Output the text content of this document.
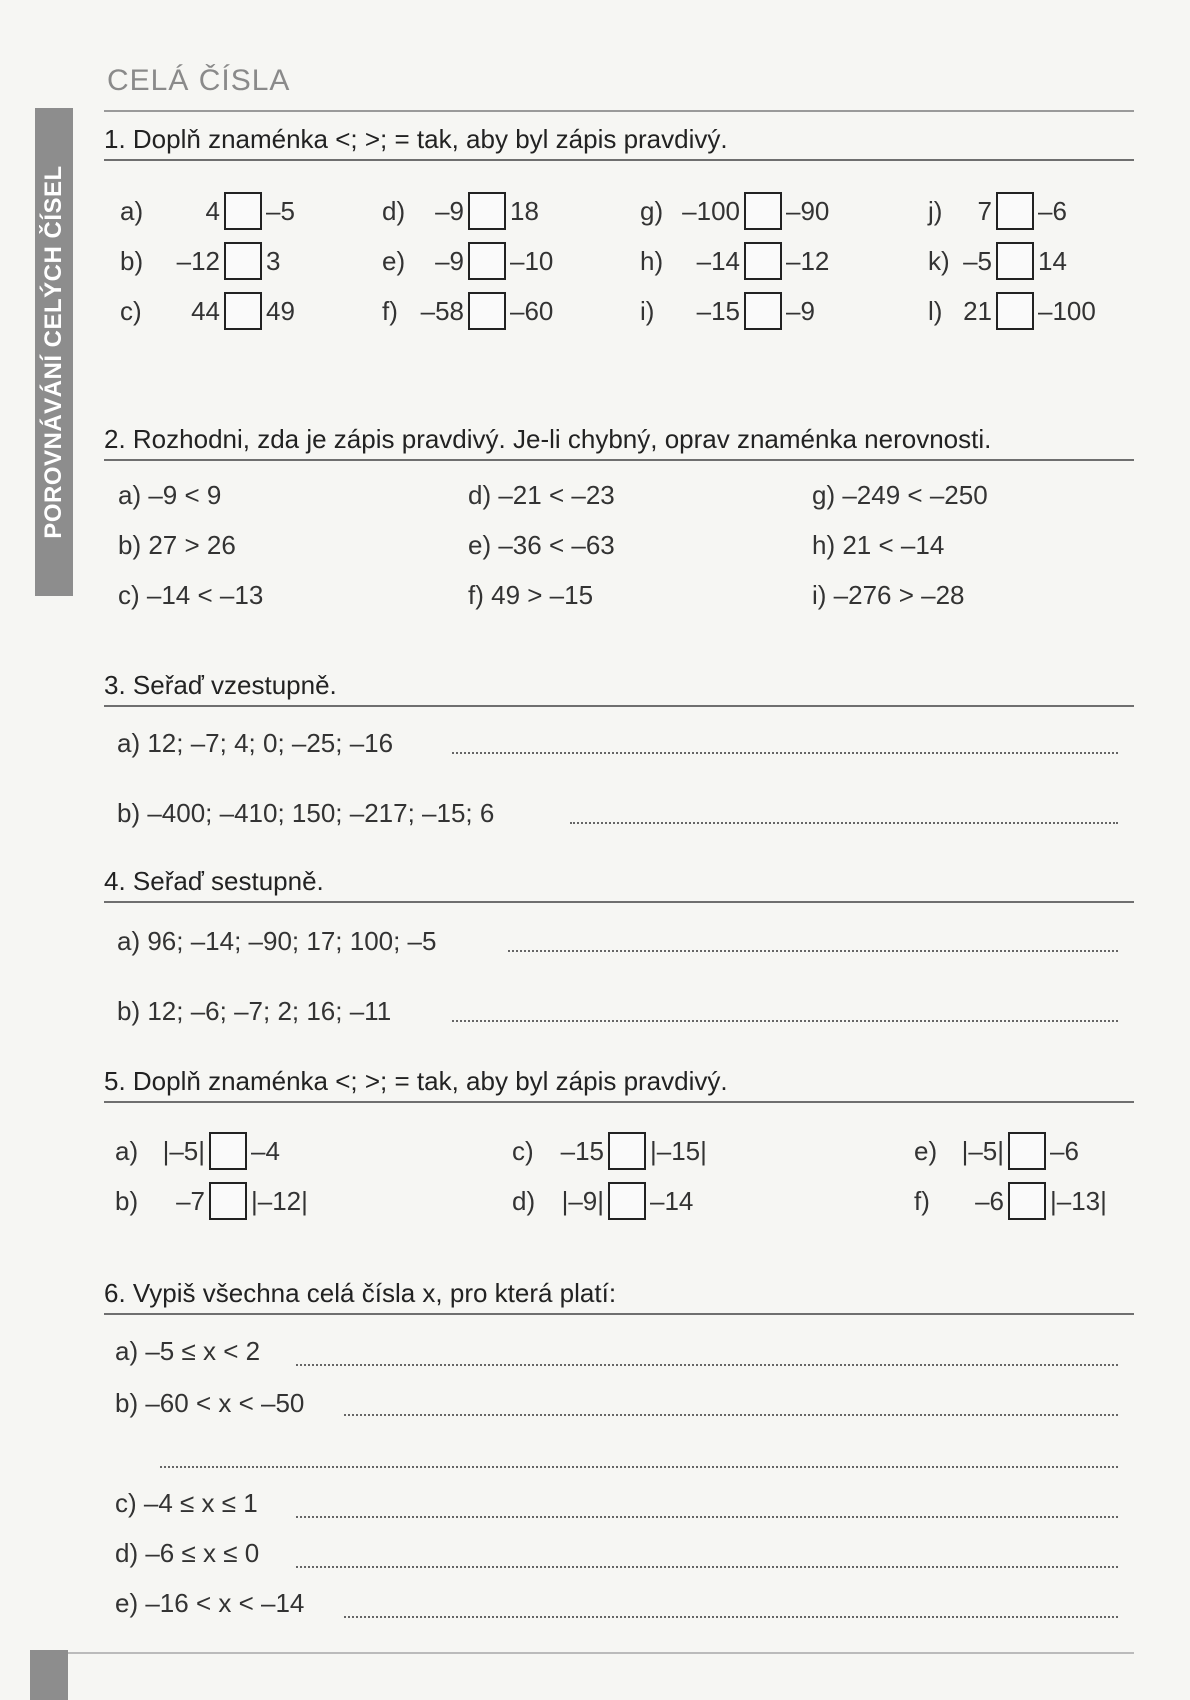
CELÁ ČÍSLA
POROVNÁVÁNÍ CELÝCH ČÍSEL
1. Doplň znaménka <; >; = tak, aby byl zápis pravdivý.
a)	4 –5
b)	–12 3
c)	44 49
d)	–9 18
e)	–9 –10
f) –58 –60
g) –100 –90
h)	–14 –12
i)	–15 –9
j)	7 –6
k) –5 14
l) 21 –100
2. Rozhodni, zda je zápis pravdivý. Je-li chybný, oprav znaménka nerovnosti.
a) –9 < 9
b) 27 > 26
c) –14 < –13
d) –21 < –23
e) –36 < –63
f) 49 > –15
g) –249 < –250
h) 21 < –14
i) –276 > –28
3. Seřaď vzestupně.
a) 12; –7; 4; 0; –25; –16
b) –400; –410; 150; –217; –15; 6
4. Seřaď sestupně.
a) 96; –14; –90; 17; 100; –5
b) 12; –6; –7; 2; 16; –11
5. Doplň znaménka <; >; = tak, aby byl zápis pravdivý.
a) |–5| –4
b)	–7 |–12|
c)	–15 |–15|
d)	|–9| –14
e) |–5| –6
f)	–6 |–13|
6. Vypiš všechna celá čísla x, pro která platí:
a) –5 ≤ x < 2
b) –60 < x < –50
c) –4 ≤ x ≤ 1
d) –6 ≤ x ≤ 0
e) –16 < x < –14
